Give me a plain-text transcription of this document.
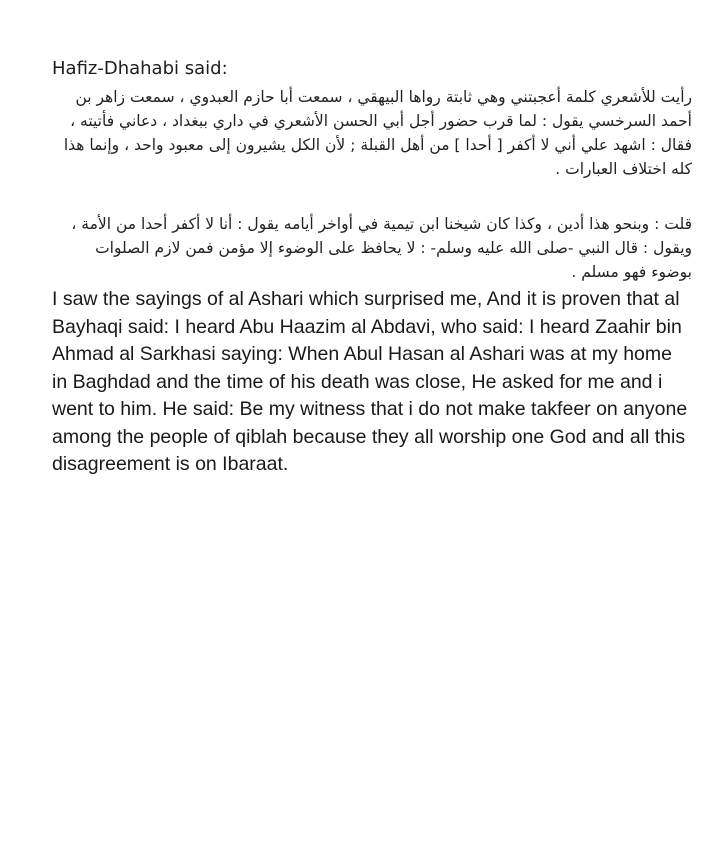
Hafiz-Dhahabi said:

رأيت للأشعري كلمة أعجبتني وهي ثابتة رواها البيهقي ، سمعت أبا حازم العبدوي ، سمعت زاهر بن أحمد السرخسي يقول : لما قرب حضور أجل أبي الحسن الأشعري في داري ببغداد ، دعاني فأتيته ، فقال : اشهد علي أني لا أكفر [ أحدا ] من أهل القبلة ; لأن الكل يشيرون إلى معبود واحد ، وإنما هذا كله اختلاف العبارات .

قلت : وبنحو هذا أدين ، وكذا كان شيخنا ابن تيمية في أواخر أيامه يقول : أنا لا أكفر أحدا من الأمة ، ويقول : قال النبي -صلى الله عليه وسلم- : لا يحافظ على الوضوء إلا مؤمن فمن لازم الصلوات بوضوء فهو مسلم .

I saw the sayings of al Ashari which surprised me, And it is proven that al Bayhaqi said: I heard Abu Haazim al Abdavi, who said: I heard Zaahir bin Ahmad al Sarkhasi saying: When Abul Hasan al Ashari was at my home in Baghdad and the time of his death was close, He asked for me and i went to him. He said: Be my witness that i do not make takfeer on anyone among the people of qiblah because they all worship one God and all this disagreement is on Ibaraat.
